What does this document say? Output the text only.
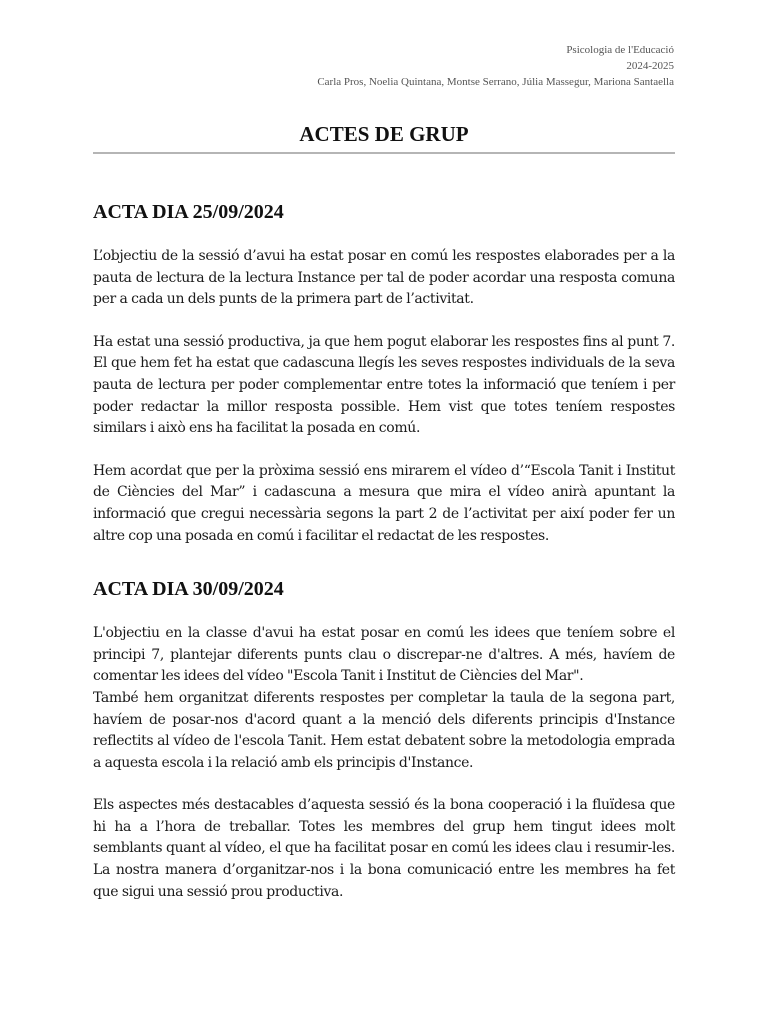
Psicologia de l'Educació
2024-2025
Carla Pros, Noelia Quintana, Montse Serrano, Júlia Massegur, Mariona Santaella
ACTES DE GRUP
ACTA DIA 25/09/2024

L’objectiu de la sessió d’avui ha estat posar en comú les respostes elaborades per a la pauta de lectura de la lectura Instance per tal de poder acordar una resposta comuna per a cada un dels punts de la primera part de l’activitat.

Ha estat una sessió productiva, ja que hem pogut elaborar les respostes fins al punt 7. El que hem fet ha estat que cadascuna llegís les seves respostes individuals de la seva pauta de lectura per poder complementar entre totes la informació que teníem i per poder redactar la millor resposta possible. Hem vist que totes teníem respostes similars i això ens ha facilitat la posada en comú.

Hem acordat que per la pròxima sessió ens mirarem el vídeo d’“Escola Tanit i Institut de Ciències del Mar” i cadascuna a mesura que mira el vídeo anirà apuntant la informació que cregui necessària segons la part 2 de l’activitat per així poder fer un altre cop una posada en comú i facilitar el redactat de les respostes.

ACTA DIA 30/09/2024

L'objectiu en la classe d'avui ha estat posar en comú les idees que teníem sobre el principi 7, plantejar diferents punts clau o discrepar-ne d'altres. A més, havíem de comentar les idees del vídeo "Escola Tanit i Institut de Ciències del Mar".

També hem organitzat diferents respostes per completar la taula de la segona part, havíem de posar-nos d'acord quant a la menció dels diferents principis d'Instance reflectits al vídeo de l'escola Tanit. Hem estat debatent sobre la metodologia emprada a aquesta escola i la relació amb els principis d'Instance.

Els aspectes més destacables d’aquesta sessió és la bona cooperació i la fluïdesa que hi ha a l’hora de treballar. Totes les membres del grup hem tingut idees molt semblants quant al vídeo, el que ha facilitat posar en comú les idees clau i resumir-les. La nostra manera d’organitzar-nos i la bona comunicació entre les membres ha fet que sigui una sessió prou productiva.
